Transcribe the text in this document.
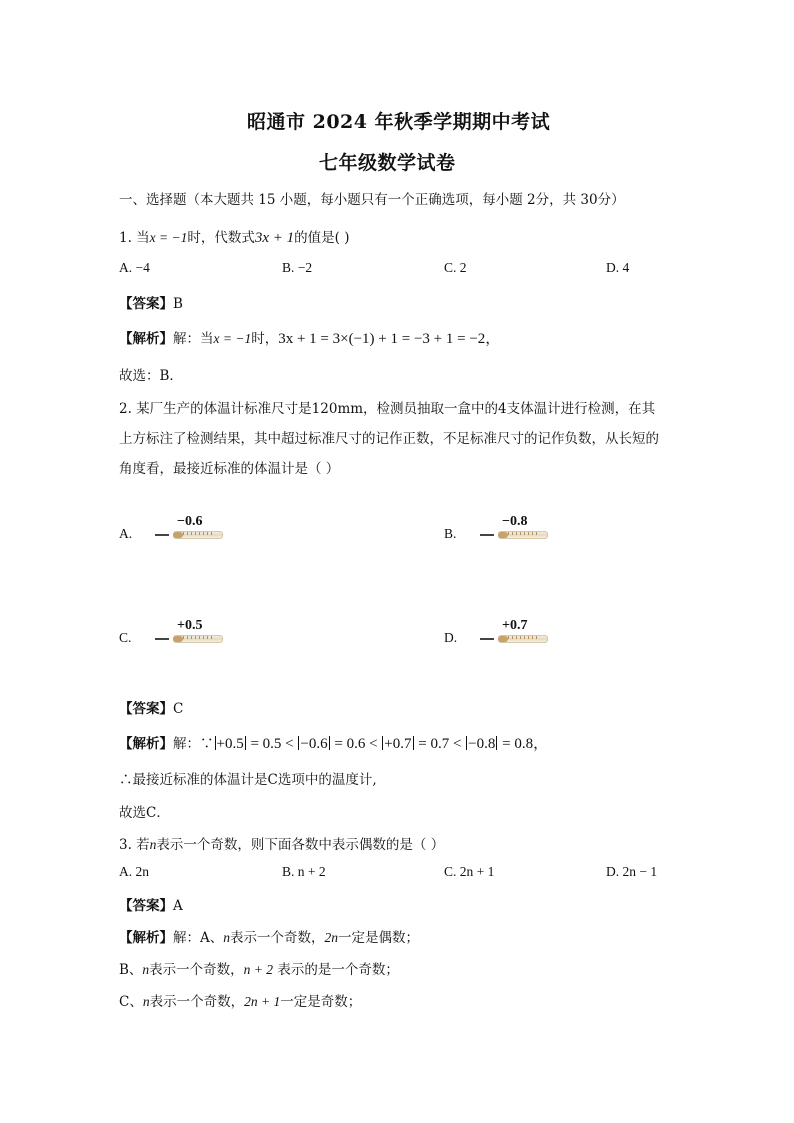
昭通市 2024 年秋季学期期中考试
七年级数学试卷
一、选择题（本大题共 15 小题，每小题只有一个正确选项，每小题 2分，共 30分）
1. 当x = −1时，代数式3x + 1的值是( )
A. −4	B. −2	C. 2	D. 4
【答案】B
【解析】解：当x = −1时，3x + 1 = 3×(−1) + 1 = −3 + 1 = −2，
故选：B．
2. 某厂生产的体温计标准尺寸是120mm，检测员抽取一盒中的4支体温计进行检测，在其
上方标注了检测结果，其中超过标准尺寸的记作正数，不足标准尺寸的记作负数，从长短的
角度看，最接近标准的体温计是（ ）
A.
−0.6
B.
−0.8
C.
+0.5
D.
+0.7
【答案】C
【解析】解：∵ +0.5 = 0.5 < −0.6 = 0.6 < +0.7 = 0.7 < −0.8 = 0.8，
∴最接近标准的体温计是C选项中的温度计,
故选C．
3. 若n表示一个奇数，则下面各数中表示偶数的是（ ）
A. 2n	B. n + 2	C. 2n + 1	D. 2n − 1
【答案】A
【解析】解：A、n表示一个奇数，2n一定是偶数；
B、n表示一个奇数，n + 2 表示的是一个奇数；
C、n表示一个奇数，2n + 1一定是奇数；
